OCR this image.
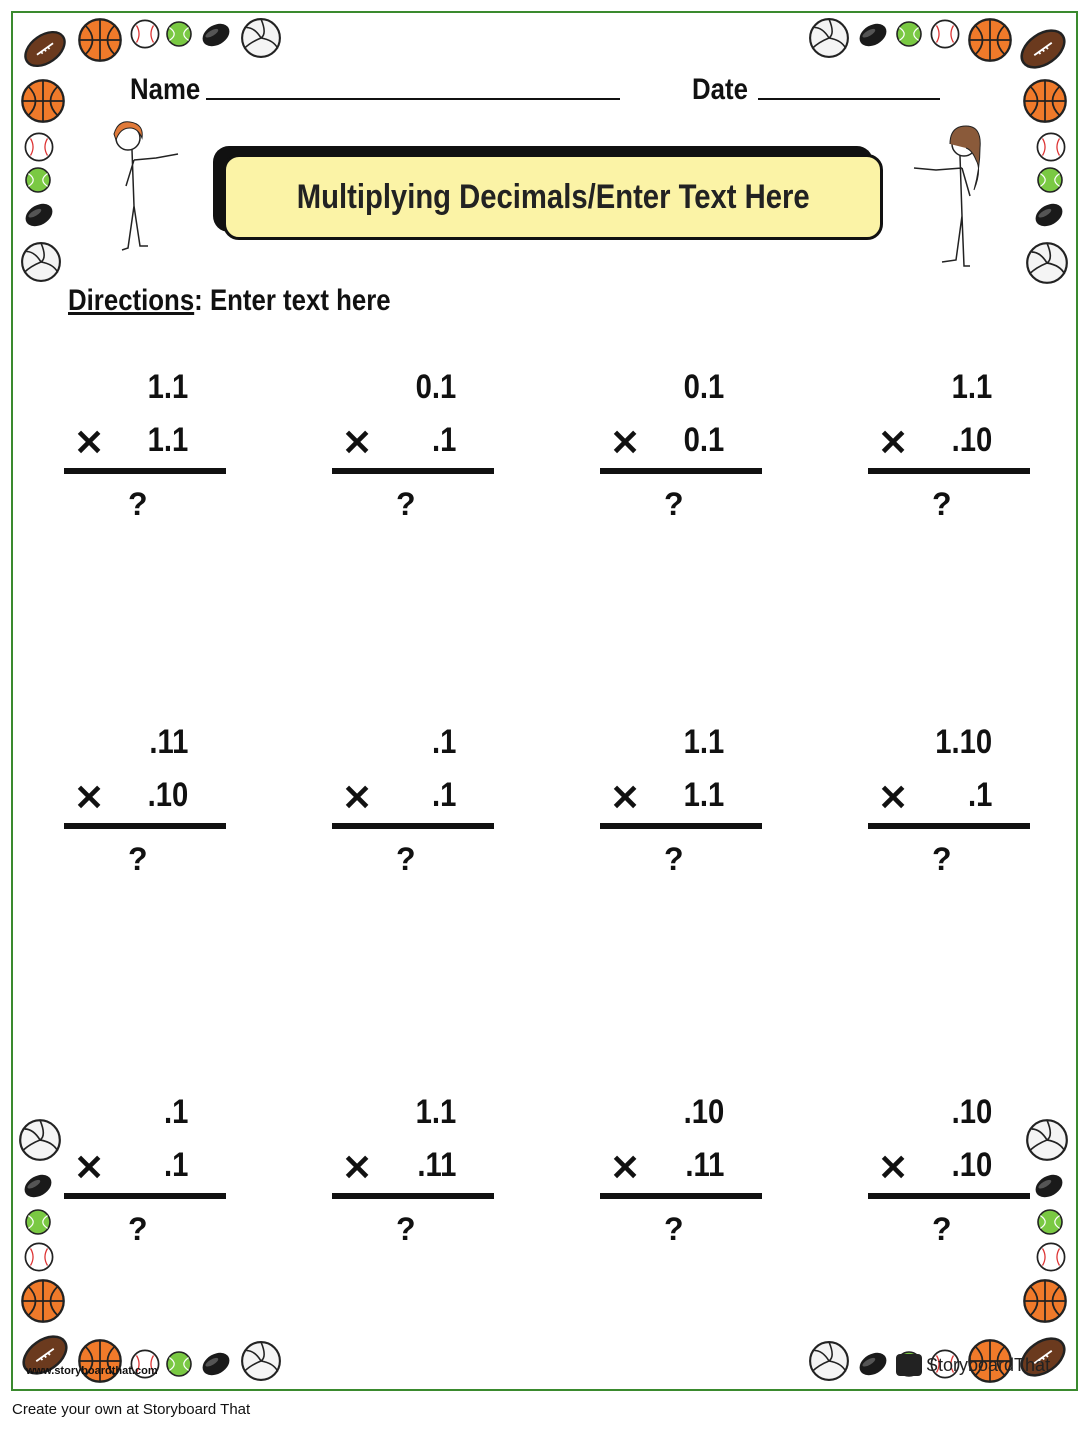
Name	Date
Multiplying Decimals/Enter Text Here
Directions: Enter text here
1.1
✕ 1.1
?
0.1
✕ .1
?
0.1
✕ 0.1
?
1.1
✕ .10
?
.11
✕ .10
?
.1
✕ .1
?
1.1
✕ 1.1
?
1.10
✕ .1
?
.1
✕ .1
?
1.1
✕ .11
?
.10
✕ .11
?
.10
✕ .10
?
www.storyboardthat.com	StoryboardThat
Create your own at Storyboard That
